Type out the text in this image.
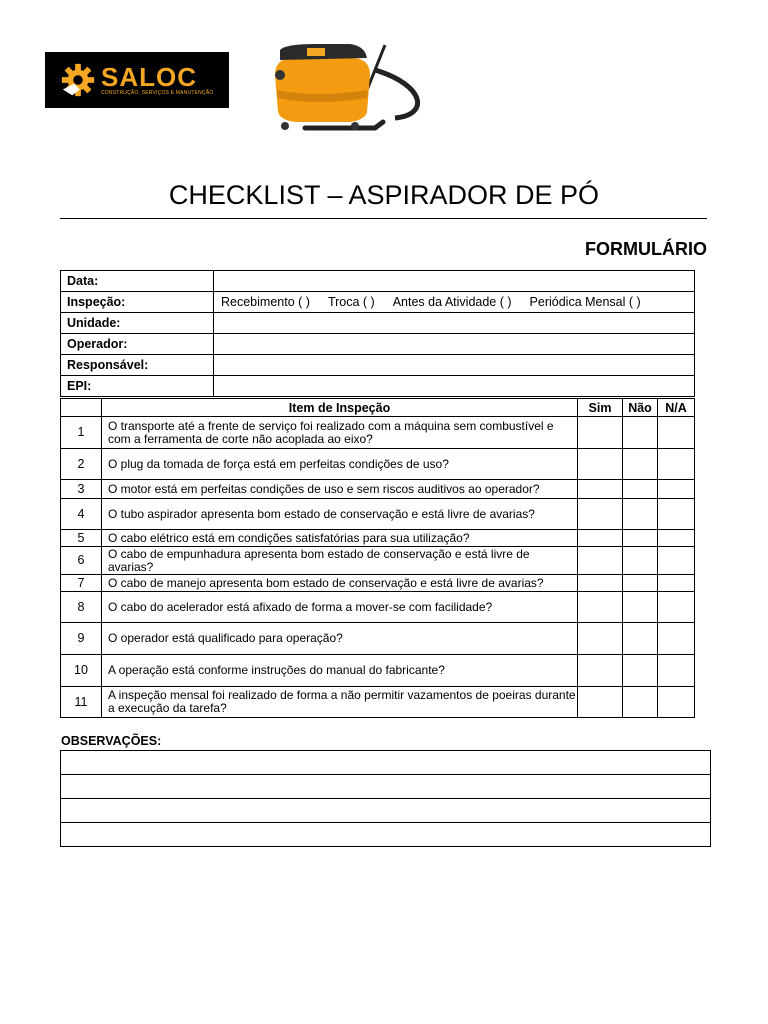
SALOC
CONSTRUÇÃO, SERVIÇOS E MANUTENÇÃO
CHECKLIST – ASPIRADOR DE PÓ
FORMULÁRIO
Data:	
Inspeção:	Recebimento ( ) Troca ( ) Antes da Atividade ( ) Periódica Mensal ( )

Unidade:	
Operador:	
Responsável:	
EPI:	
	Item de Inspeção	Sim	Não	N/A
1	O transporte até a frente de serviço foi realizado com a máquina sem combustível e com a ferramenta de corte não acoplada ao eixo?			
2	O plug da tomada de força está em perfeitas condições de uso?			
3	O motor está em perfeitas condições de uso e sem riscos auditivos ao operador?			
4	O tubo aspirador apresenta bom estado de conservação e está livre de avarias?			
5	O cabo elétrico está em condições satisfatórias para sua utilização?			
6	O cabo de empunhadura apresenta bom estado de conservação e está livre de avarias?			
7	O cabo de manejo apresenta bom estado de conservação e está livre de avarias?			
8	O cabo do acelerador está afixado de forma a mover-se com facilidade?			
9	O operador está qualificado para operação?			
10	A operação está conforme instruções do manual do fabricante?			
11	A inspeção mensal foi realizado de forma a não permitir vazamentos de poeiras durante a execução da tarefa?			
OBSERVAÇÕES:
